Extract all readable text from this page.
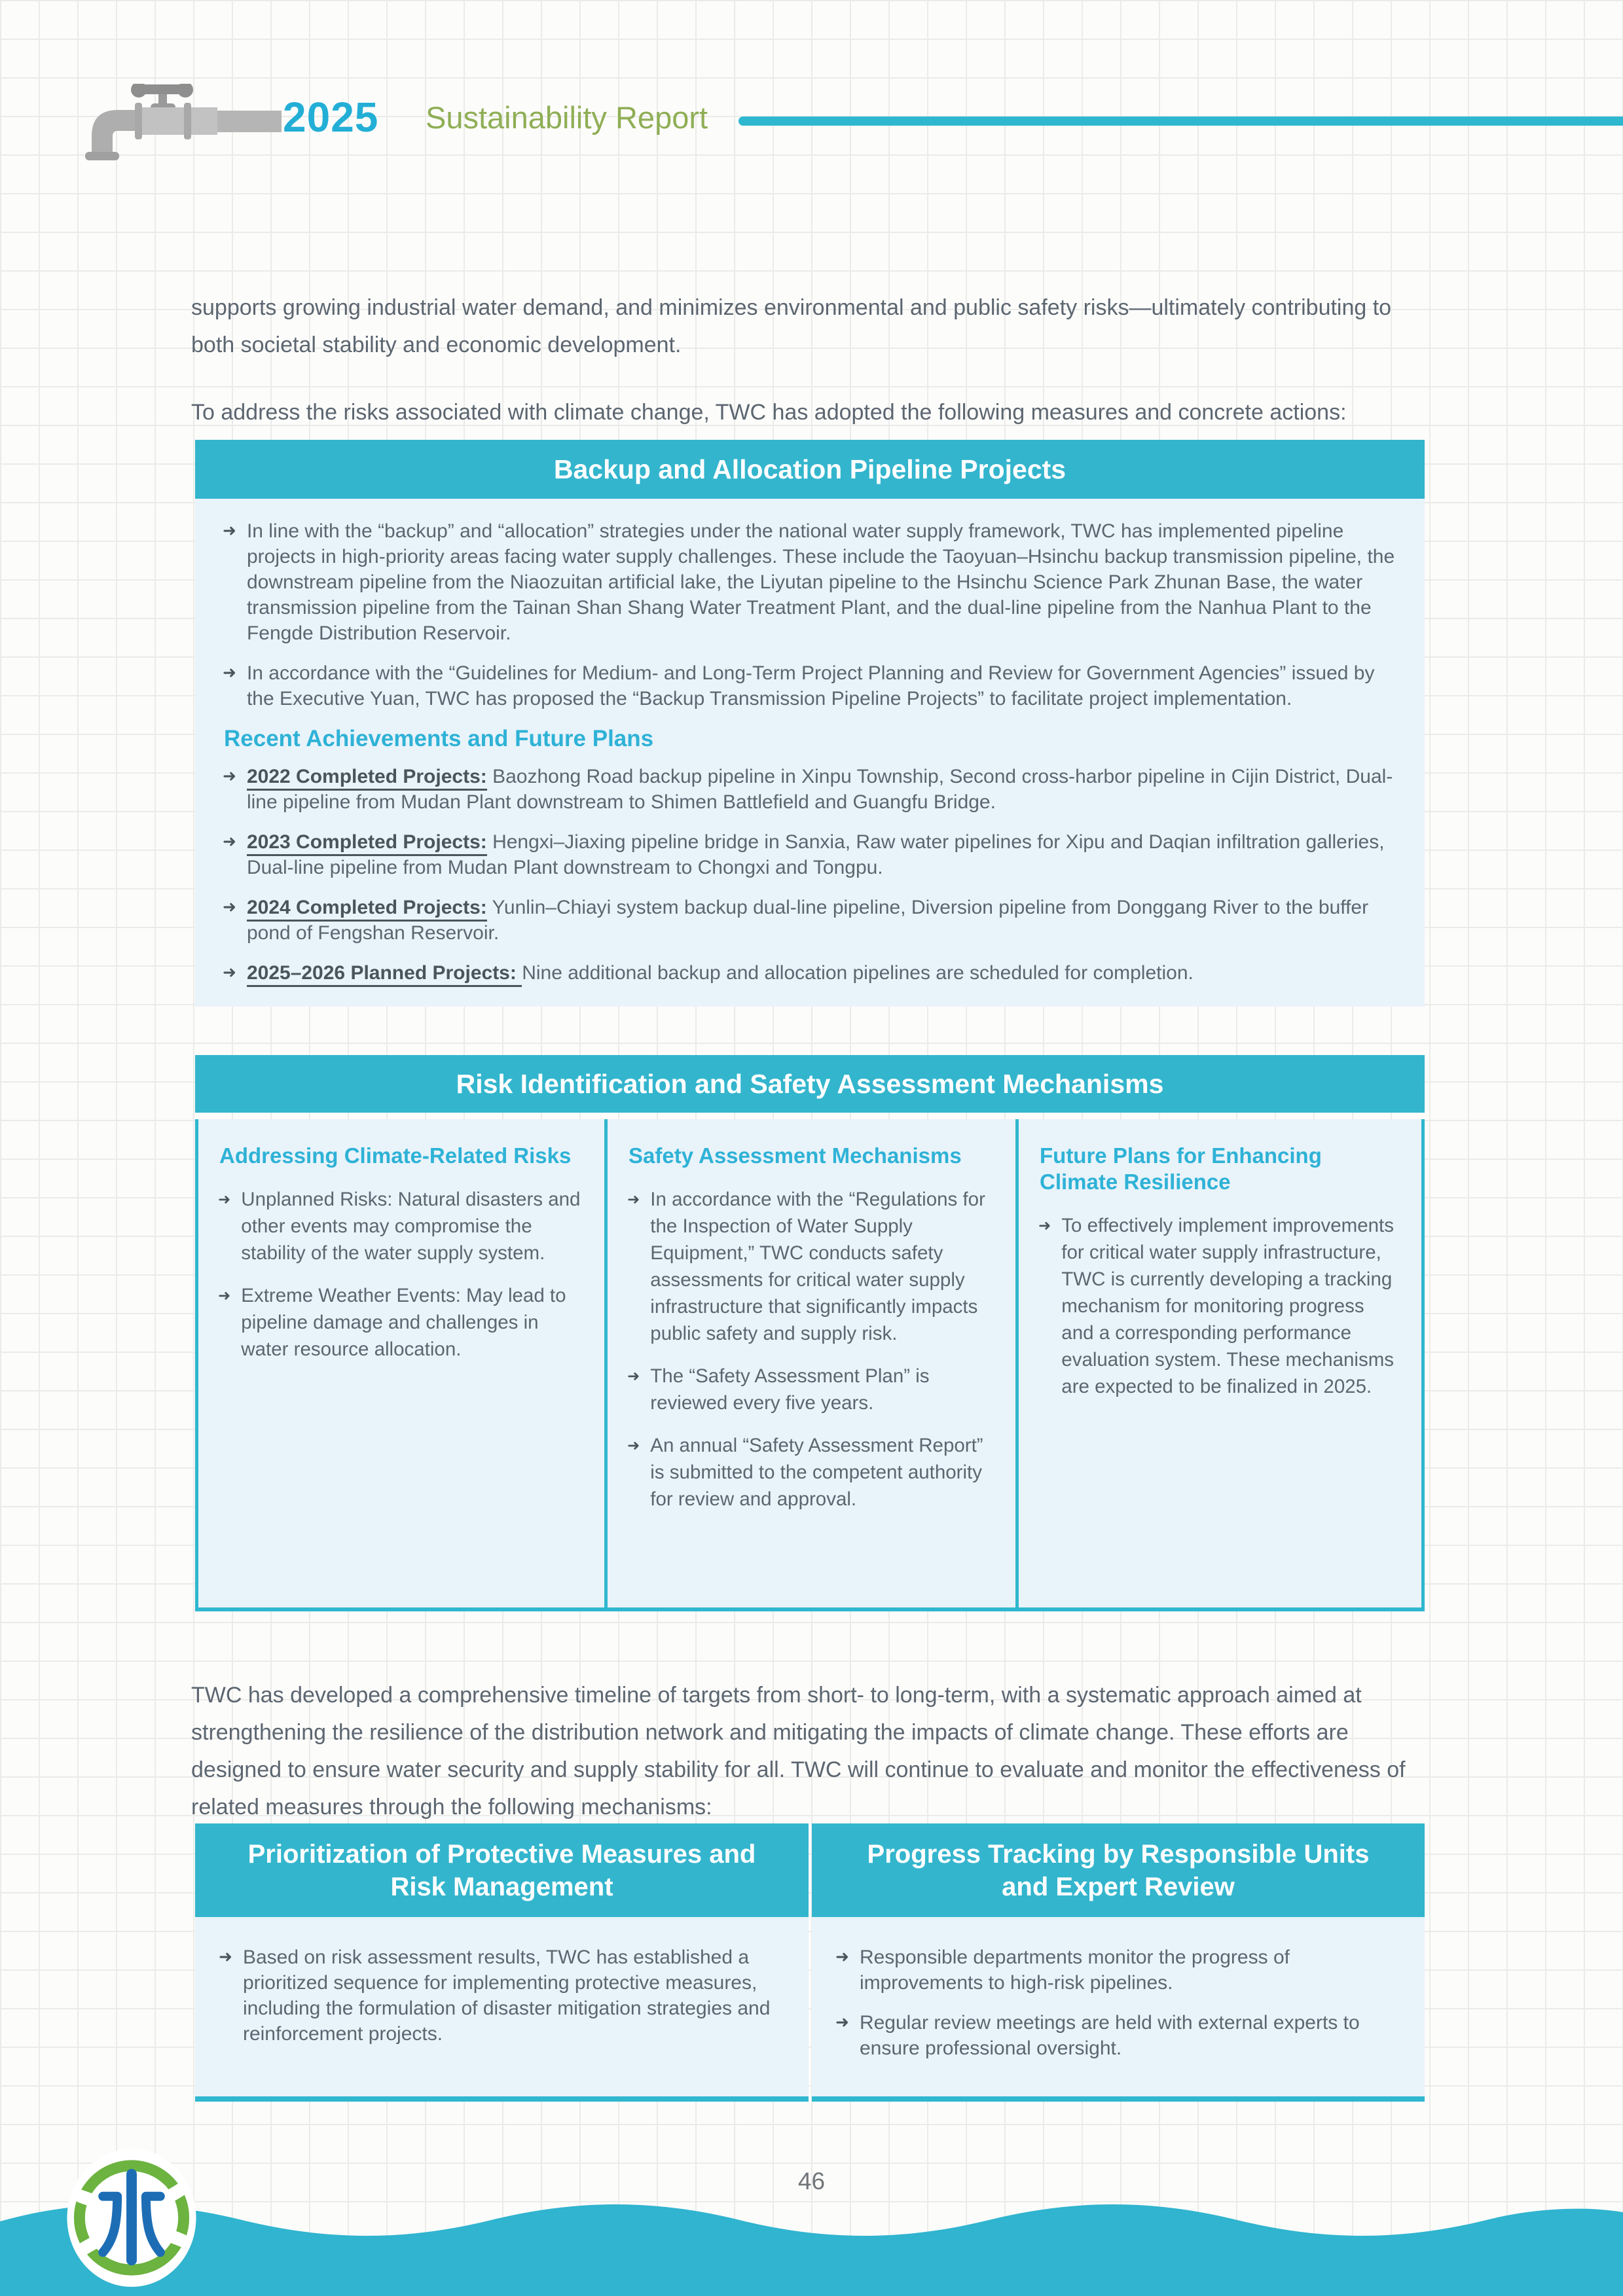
2025 Sustainability Report

supports growing industrial water demand, and minimizes environmental and public safety risks—ultimately contributing to both societal stability and economic development.

To address the risks associated with climate change, TWC has adopted the following measures and concrete actions:

Backup and Allocation Pipeline Projects
➜ In line with the “backup” and “allocation” strategies under the national water supply framework, TWC has implemented pipeline projects in high-priority areas facing water supply challenges. These include the Taoyuan–Hsinchu backup transmission pipeline, the downstream pipeline from the Niaozuitan artificial lake, the Liyutan pipeline to the Hsinchu Science Park Zhunan Base, the water transmission pipeline from the Tainan Shan Shang Water Treatment Plant, and the dual-line pipeline from the Nanhua Plant to the Fengde Distribution Reservoir.

➜ In accordance with the “Guidelines for Medium- and Long-Term Project Planning and Review for Government Agencies” issued by the Executive Yuan, TWC has proposed the “Backup Transmission Pipeline Projects” to facilitate project implementation.

Recent Achievements and Future Plans
➜ 2022 Completed Projects: Baozhong Road backup pipeline in Xinpu Township, Second cross-harbor pipeline in Cijin District, Dual-line pipeline from Mudan Plant downstream to Shimen Battlefield and Guangfu Bridge.

➜ 2023 Completed Projects: Hengxi–Jiaxing pipeline bridge in Sanxia, Raw water pipelines for Xipu and Daqian infiltration galleries, Dual-line pipeline from Mudan Plant downstream to Chongxi and Tongpu.

➜ 2024 Completed Projects: Yunlin–Chiayi system backup dual-line pipeline, Diversion pipeline from Donggang River to the buffer pond of Fengshan Reservoir.

➜ 2025–2026 Planned Projects: Nine additional backup and allocation pipelines are scheduled for completion.

Risk Identification and Safety Assessment Mechanisms
Addressing Climate-Related Risks
➜ Unplanned Risks: Natural disasters and other events may compromise the stability of the water supply system.

➜ Extreme Weather Events: May lead to pipeline damage and challenges in water resource allocation.

Safety Assessment Mechanisms
➜ In accordance with the “Regulations for the Inspection of Water Supply Equipment,” TWC conducts safety assessments for critical water supply infrastructure that significantly impacts public safety and supply risk.

➜ The “Safety Assessment Plan” is reviewed every five years.

➜ An annual “Safety Assessment Report” is submitted to the competent authority for review and approval.

Future Plans for Enhancing Climate Resilience
➜ To effectively implement improvements for critical water supply infrastructure, TWC is currently developing a tracking mechanism for monitoring progress and a corresponding performance evaluation system. These mechanisms are expected to be finalized in 2025.

TWC has developed a comprehensive timeline of targets from short- to long-term, with a systematic approach aimed at strengthening the resilience of the distribution network and mitigating the impacts of climate change. These efforts are designed to ensure water security and supply stability for all. TWC will continue to evaluate and monitor the effectiveness of related measures through the following mechanisms:

Prioritization of Protective Measures and Risk Management
➜ Based on risk assessment results, TWC has established a prioritized sequence for implementing protective measures, including the formulation of disaster mitigation strategies and reinforcement projects.

Progress Tracking by Responsible Units and Expert Review
➜ Responsible departments monitor the progress of improvements to high-risk pipelines.

➜ Regular review meetings are held with external experts to ensure professional oversight.

46
